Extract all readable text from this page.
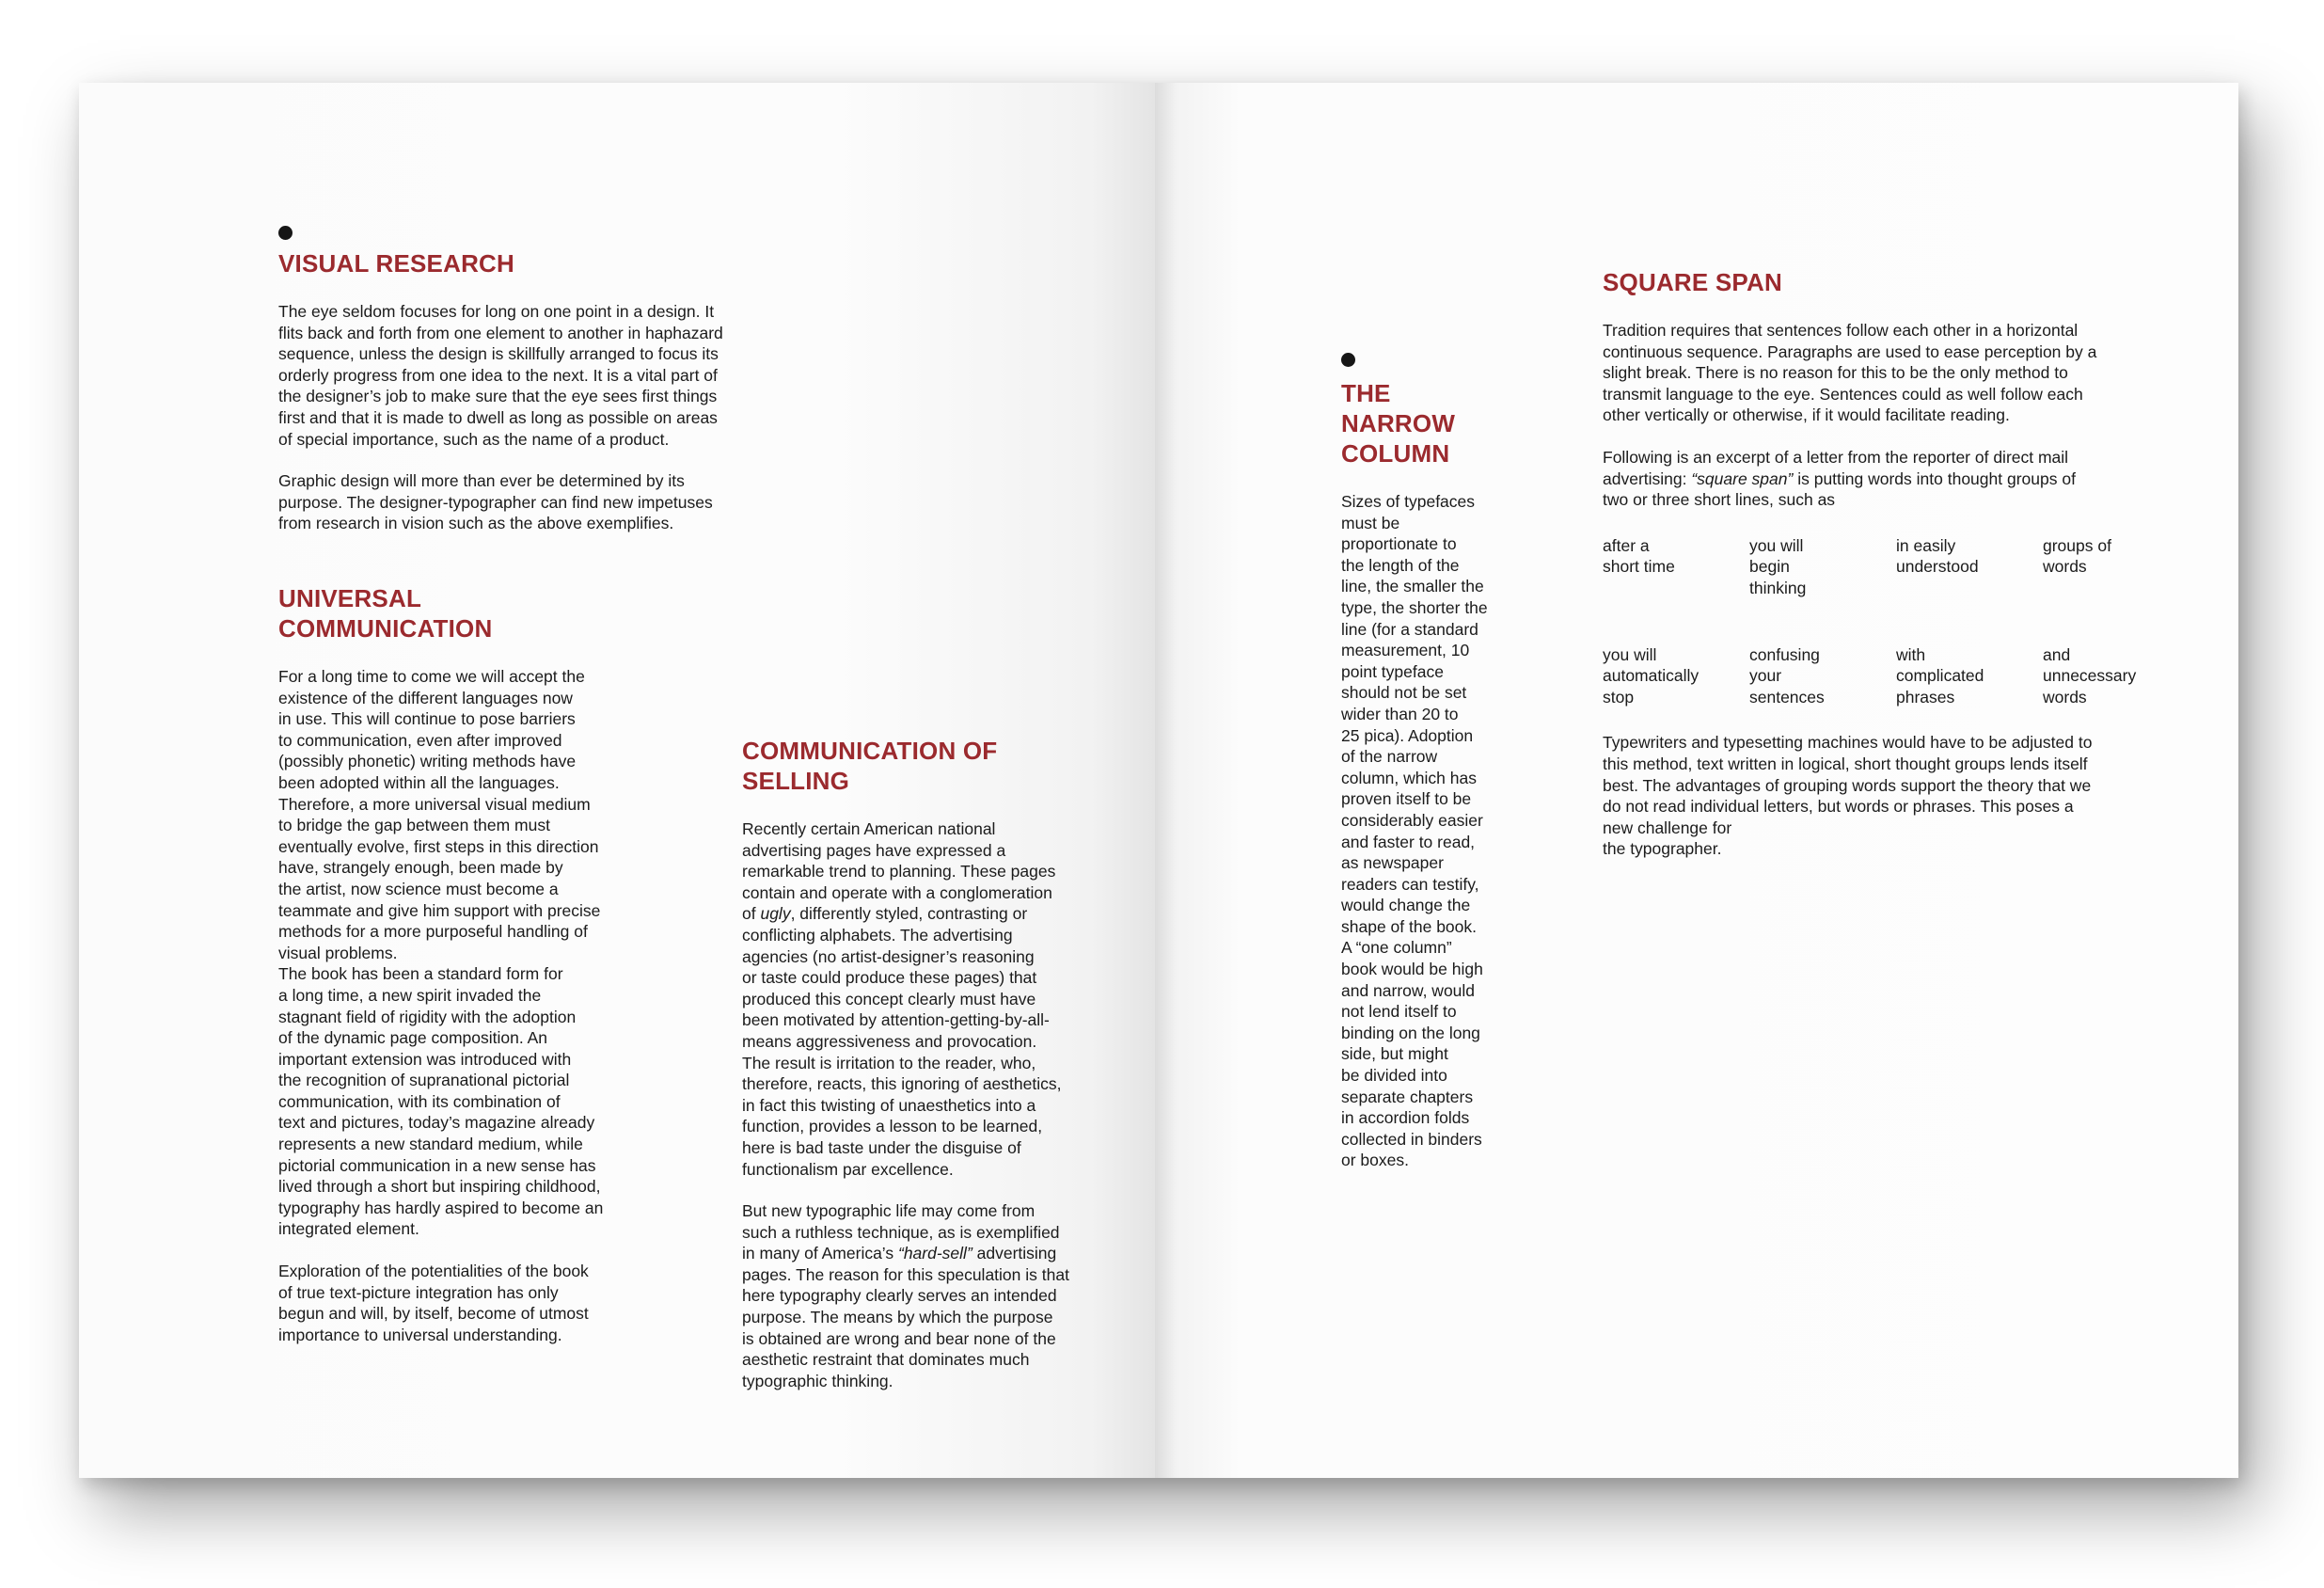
VISUAL RESEARCH

The eye seldom focuses for long on one point in a design. It
flits back and forth from one element to another in haphazard
sequence, unless the design is skillfully arranged to focus its
orderly progress from one idea to the next. It is a vital part of
the designer’s job to make sure that the eye sees first things
first and that it is made to dwell as long as possible on areas
of special importance, such as the name of a product.

Graphic design will more than ever be determined by its
purpose. The designer-typographer can find new impetuses
from research in vision such as the above exemplifies.

UNIVERSAL
COMMUNICATION

For a long time to come we will accept the
existence of the different languages now
in use. This will continue to pose barriers
to communication, even after improved
(possibly phonetic) writing methods have
been adopted within all the languages.
Therefore, a more universal visual medium
to bridge the gap between them must
eventually evolve, first steps in this direction
have, strangely enough, been made by
the artist, now science must become a
teammate and give him support with precise
methods for a more purposeful handling of
visual problems.
The book has been a standard form for
a long time, a new spirit invaded the
stagnant field of rigidity with the adoption
of the dynamic page composition. An
important extension was introduced with
the recognition of supranational pictorial
communication, with its combination of
text and pictures, today’s magazine already
represents a new standard medium, while
pictorial communication in a new sense has
lived through a short but inspiring childhood,
typography has hardly aspired to become an
integrated element.

Exploration of the potentialities of the book
of true text-picture integration has only
begun and will, by itself, become of utmost
importance to universal understanding.

COMMUNICATION OF
SELLING

Recently certain American national
advertising pages have expressed a
remarkable trend to planning. These pages
contain and operate with a conglomeration
of ugly, differently styled, contrasting or
conflicting alphabets. The advertising
agencies (no artist-designer’s reasoning
or taste could produce these pages) that
produced this concept clearly must have
been motivated by attention-getting-by-all-
means aggressiveness and provocation.
The result is irritation to the reader, who,
therefore, reacts, this ignoring of aesthetics,
in fact this twisting of unaesthetics into a
function, provides a lesson to be learned,
here is bad taste under the disguise of
functionalism par excellence.

But new typographic life may come from
such a ruthless technique, as is exemplified
in many of America’s “hard-sell” advertising
pages. The reason for this speculation is that
here typography clearly serves an intended
purpose. The means by which the purpose
is obtained are wrong and bear none of the
aesthetic restraint that dominates much
typographic thinking.

THE
NARROW
COLUMN

Sizes of typefaces
must be
proportionate to
the length of the
line, the smaller the
type, the shorter the
line (for a standard
measurement, 10
point typeface
should not be set
wider than 20 to
25 pica). Adoption
of the narrow
column, which has
proven itself to be
considerably easier
and faster to read,
as newspaper
readers can testify,
would change the
shape of the book.
A “one column”
book would be high
and narrow, would
not lend itself to
binding on the long
side, but might
be divided into
separate chapters
in accordion folds
collected in binders
or boxes.

SQUARE SPAN

Tradition requires that sentences follow each other in a horizontal
continuous sequence. Paragraphs are used to ease perception by a
slight break. There is no reason for this to be the only method to
transmit language to the eye. Sentences could as well follow each
other vertically or otherwise, if it would facilitate reading.

Following is an excerpt of a letter from the reporter of direct mail
advertising: “square span” is putting words into thought groups of
two or three short lines, such as

after a
short time
you will
begin
thinking
in easily
understood
groups of
words
you will
automatically
stop
confusing
your
sentences
with
complicated
phrases
and
unnecessary
words

Typewriters and typesetting machines would have to be adjusted to
this method, text written in logical, short thought groups lends itself
best. The advantages of grouping words support the theory that we
do not read individual letters, but words or phrases. This poses a
new challenge for
the typographer.
